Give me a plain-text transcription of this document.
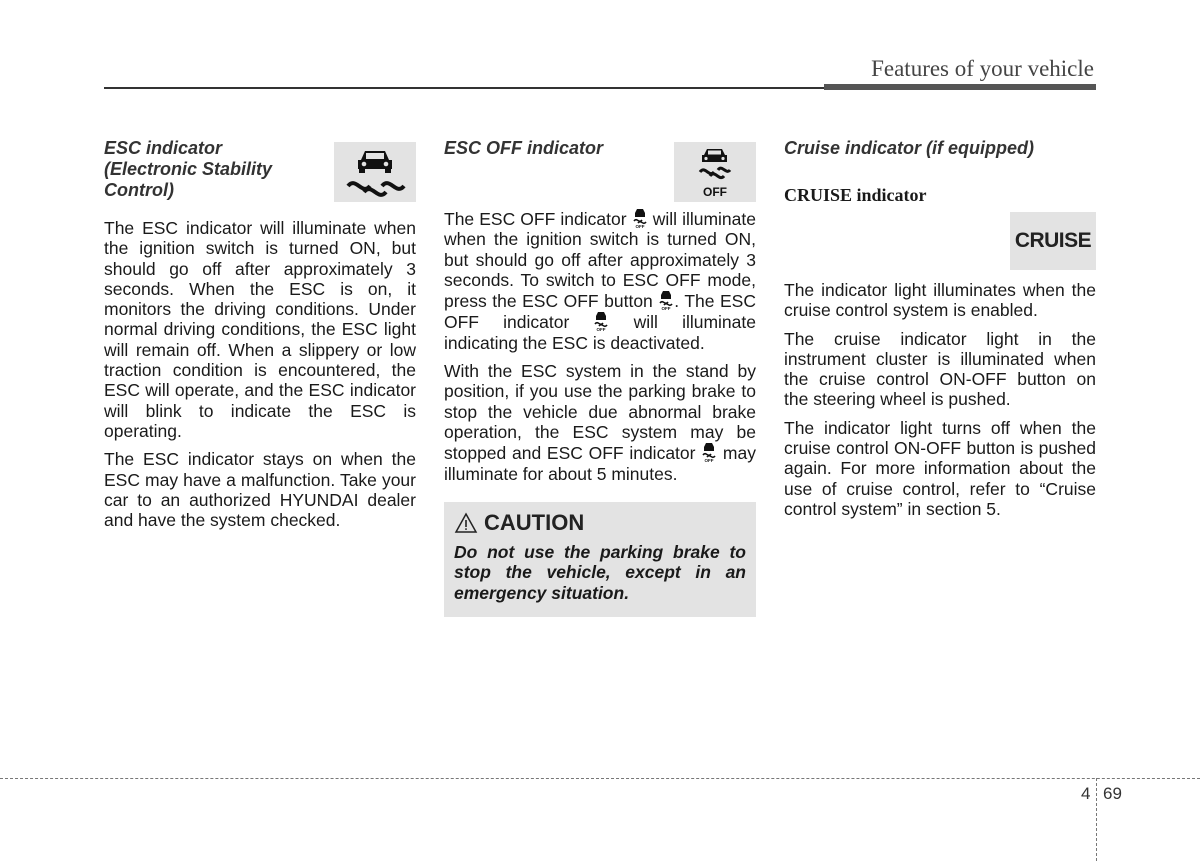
Features of your vehicle
ESC indicator (Electronic Stability Control)

The ESC indicator will illuminate when the ignition switch is turned ON, but should go off after approximately 3 seconds. When the ESC is on, it monitors the driving conditions. Under normal driving conditions, the ESC light will remain off. When a slippery or low traction condition is encountered, the ESC will operate, and the ESC indicator will blink to indicate the ESC is operating.

The ESC indicator stays on when the ESC may have a malfunction. Take your car to an authorized HYUNDAI dealer and have the system checked.

ESC OFF indicator
OFF

The ESC OFF indicator OFF will illuminate when the ignition switch is turned ON, but should go off after approximately 3 seconds. To switch to ESC OFF mode, press the ESC OFF button OFF . The ESC OFF indicator OFF will illuminate indicating the ESC is deactivated.

With the ESC system in the stand by position, if you use the parking brake to stop the vehicle due abnormal brake operation, the ESC system may be stopped and ESC OFF indicator OFF may illuminate for about 5 minutes.

CAUTION
Do not use the parking brake to stop the vehicle, except in an emergency situation.
Cruise indicator (if equipped)
CRUISE indicator
CRUISE

The indicator light illuminates when the cruise control system is enabled.

The cruise indicator light in the instrument cluster is illuminated when the cruise control ON-OFF button on the steering wheel is pushed.

The indicator light turns off when the cruise control ON-OFF button is pushed again. For more information about the use of cruise control, refer to “Cruise control system” in section 5.

4 69
